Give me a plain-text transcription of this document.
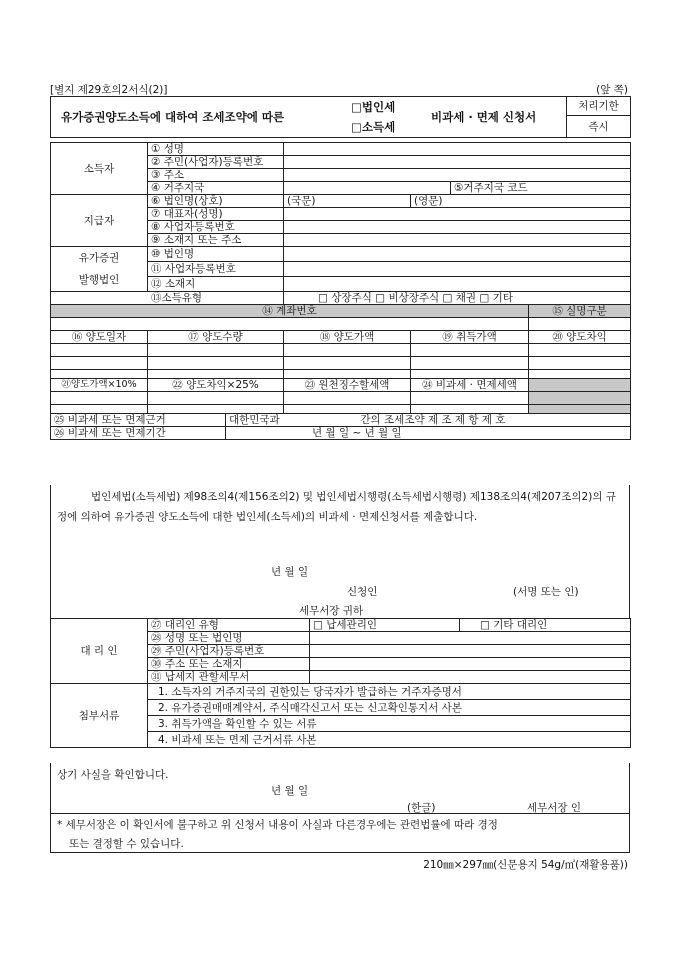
[별지 제29호의2서식(2)]	(앞 쪽)
유가증권양도소득에 대하여 조세조약에 따른
□법인세
□소득세
비과세 · 면제 신청서
	처리기한
즉시
소득자	① 성명						
	② 주민(사업자)등록번호						
	③ 주소						
	④ 거주지국				⑤거주지국 코드		
지급자	⑥ 법인명(상호)		(국문)	(영문)			
	⑦ 대표자(성명)						
	⑧ 사업자등록번호						
	⑨ 소재지 또는 주소						
유가증권
발행법인	⑩ 법인명						
	⑪ 사업자등록번호						
	⑫ 소재지						
⑬소득유형			□ 상장주식 □ 비상장주식 □ 채권 □ 기타				
⑭ 계좌번호						⑮ 실명구분	

⑯ 양도일자	⑰ 양도수량		⑱ 양도가액	⑲ 취득가액		⑳ 양도차익	

㉑양도가액×10%	㉒ 양도차익×25%		㉓ 원천징수할세액	㉔ 비과세 · 면제세액			

㉕ 비과세 또는 면제근거		대한민국과 간의 조세조약 제 조 제 항 제 호					
㉖ 비과세 또는 면제기간		년 월 일 ~ 년 월 일					
법인세법(소득세법) 제98조의4(제156조의2) 및 법인세법시행령(소득세법시행령) 제138조의4(제207조의2)의 규정에 의하여 유가증권 양도소득에 대한 법인세(소득세)의 비과세 · 면제신청서를 제출합니다.
년 월 일
신청인	(서명 또는 인)
세무서장 귀하
대 리 인	㉗ 대리인 유형	□ 납세관리인	□ 기타 대리인
	㉘ 성명 또는 법인명		
	㉙ 주민(사업자)등록번호		
	㉚ 주소 또는 소재지		
	㉛ 납세지 관할세무서		
첨부서류	1. 소득자의 거주지국의 권한있는 당국자가 발급하는 거주자증명서		
	2. 유가증권매매계약서, 주식매각신고서 또는 신고확인통지서 사본		
	3. 취득가액을 확인할 수 있는 서류		
	4. 비과세 또는 면제 근거서류 사본		
상기 사실을 확인합니다.
년 월 일
(한글)	세무서장 인
* 세무서장은 이 확인서에 불구하고 위 신청서 내용이 사실과 다른경우에는 관련법률에 따라 경정
또는 결정할 수 있습니다.
210㎜×297㎜(신문용지 54g/㎡(재활용품))
